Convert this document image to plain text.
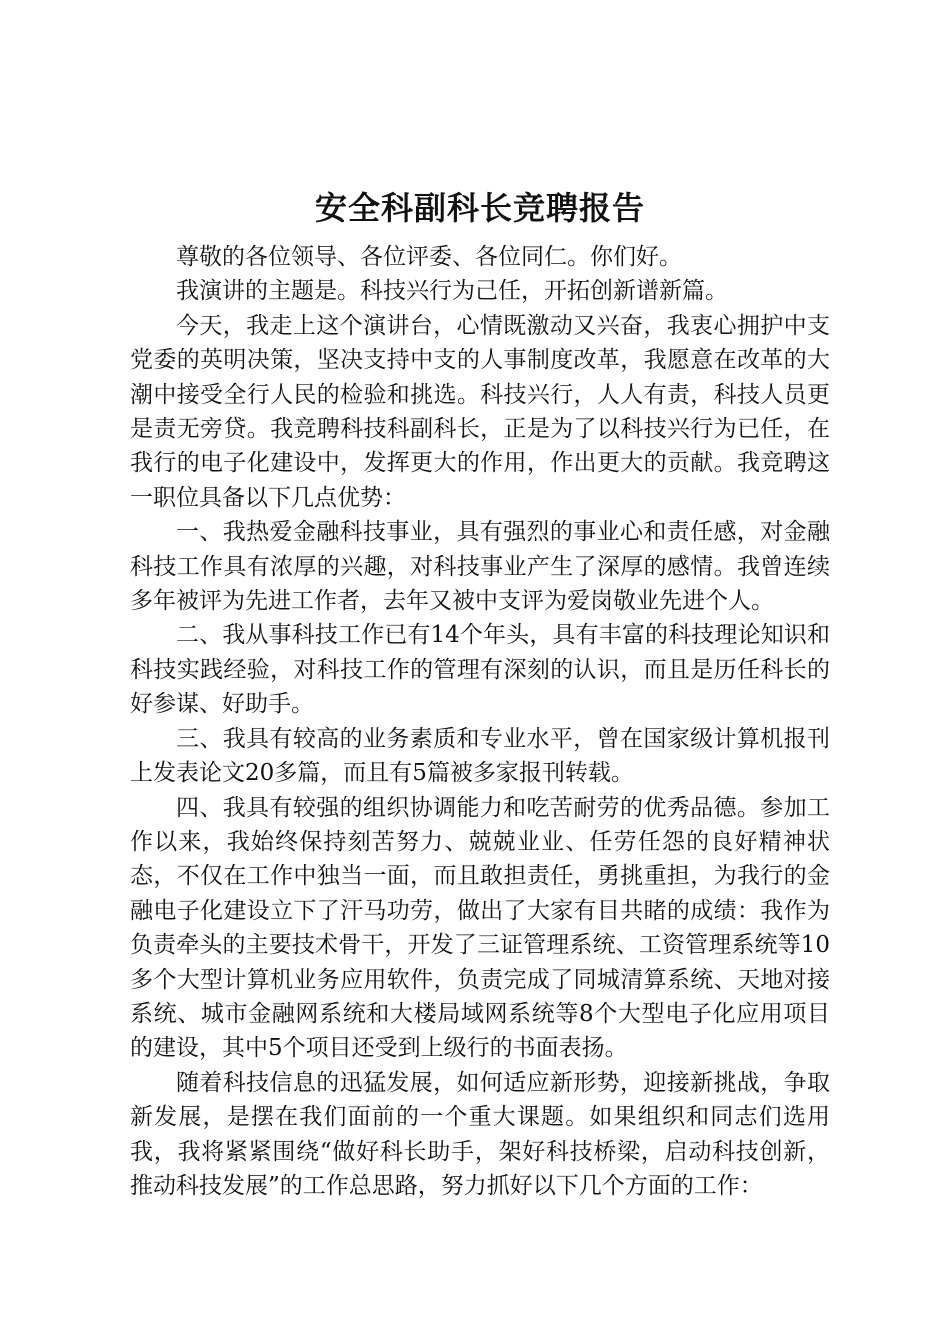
安全科副科长竞聘报告

尊敬的各位领导、各位评委、各位同仁。你们好。

我演讲的主题是。科技兴行为己任，开拓创新谱新篇。

今天，我走上这个演讲台，心情既激动又兴奋，我衷心拥护中支党委的英明决策，坚决支持中支的人事制度改革，我愿意在改革的大潮中接受全行人民的检验和挑选。科技兴行，人人有责，科技人员更是责无旁贷。我竞聘科技科副科长，正是为了以科技兴行为已任，在我行的电子化建设中，发挥更大的作用，作出更大的贡献。我竞聘这一职位具备以下几点优势：

一、我热爱金融科技事业，具有强烈的事业心和责任感，对金融科技工作具有浓厚的兴趣，对科技事业产生了深厚的感情。我曾连续多年被评为先进工作者，去年又被中支评为爱岗敬业先进个人。

二、我从事科技工作已有14个年头，具有丰富的科技理论知识和科技实践经验，对科技工作的管理有深刻的认识，而且是历任科长的好参谋、好助手。

三、我具有较高的业务素质和专业水平，曾在国家级计算机报刊上发表论文20多篇，而且有5篇被多家报刊转载。

四、我具有较强的组织协调能力和吃苦耐劳的优秀品德。参加工作以来，我始终保持刻苦努力、兢兢业业、任劳任怨的良好精神状态，不仅在工作中独当一面，而且敢担责任，勇挑重担，为我行的金融电子化建设立下了汗马功劳，做出了大家有目共睹的成绩：我作为负责牵头的主要技术骨干，开发了三证管理系统、工资管理系统等10多个大型计算机业务应用软件，负责完成了同城清算系统、天地对接系统、城市金融网系统和大楼局域网系统等8个大型电子化应用项目的建设，其中5个项目还受到上级行的书面表扬。

随着科技信息的迅猛发展，如何适应新形势，迎接新挑战，争取新发展，是摆在我们面前的一个重大课题。如果组织和同志们选用我，我将紧紧围绕“做好科长助手，架好科技桥梁，启动科技创新，推动科技发展”的工作总思路，努力抓好以下几个方面的工作：
